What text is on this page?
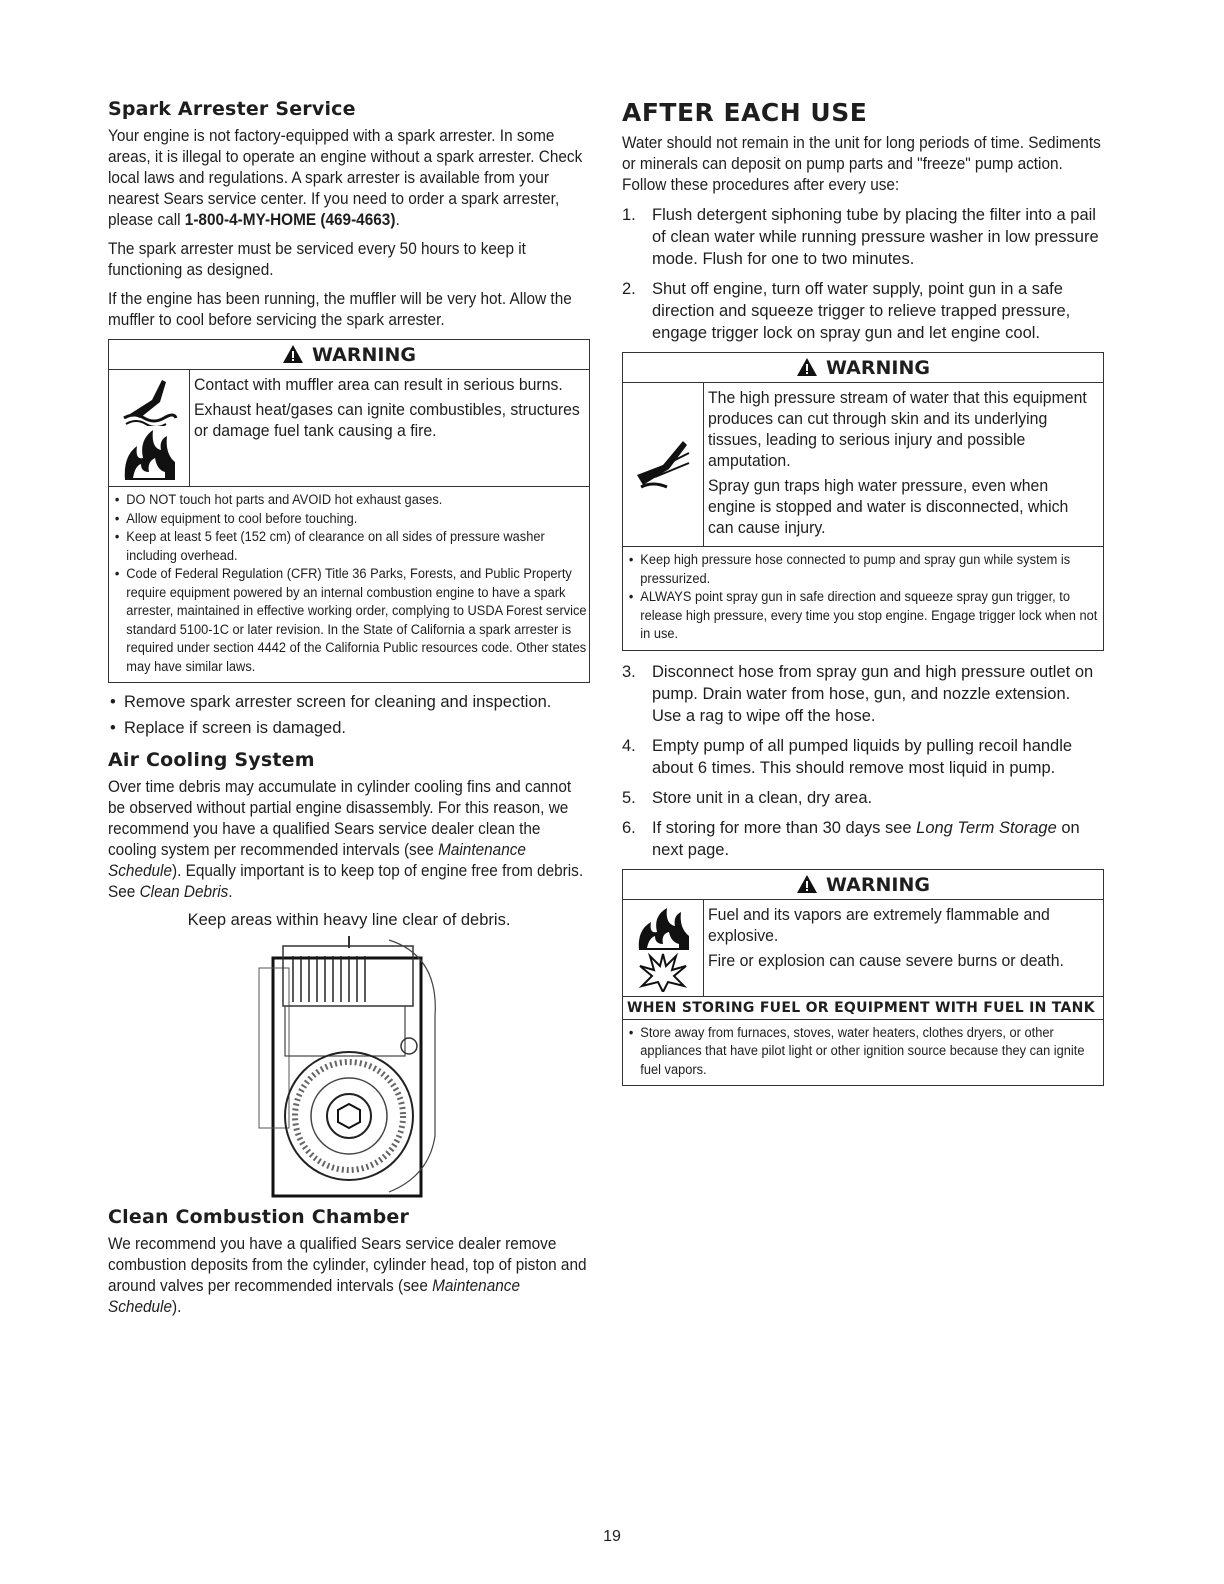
Spark Arrester Service

Your engine is not factory-equipped with a spark arrester. In some areas, it is illegal to operate an engine without a spark arrester. Check local laws and regulations. A spark arrester is available from your nearest Sears service center. If you need to order a spark arrester, please call 1-800-4-MY-HOME (469-4663).

The spark arrester must be serviced every 50 hours to keep it functioning as designed.

If the engine has been running, the muffler will be very hot. Allow the muffler to cool before servicing the spark arrester.

WARNING

Contact with muffler area can result in serious burns.

Exhaust heat/gases can ignite combustibles, structures or damage fuel tank causing a fire.

• DO NOT touch hot parts and AVOID hot exhaust gases.
• Allow equipment to cool before touching.
• Keep at least 5 feet (152 cm) of clearance on all sides of pressure washer including overhead.
• Code of Federal Regulation (CFR) Title 36 Parks, Forests, and Public Property require equipment powered by an internal combustion engine to have a spark arrester, maintained in effective working order, complying to USDA Forest service standard 5100-1C or later revision. In the State of California a spark arrester is required under section 4442 of the California Public resources code. Other states may have similar laws.
• Remove spark arrester screen for cleaning and inspection.
• Replace if screen is damaged.
Air Cooling System

Over time debris may accumulate in cylinder cooling fins and cannot be observed without partial engine disassembly. For this reason, we recommend you have a qualified Sears service dealer clean the cooling system per recommended intervals (see Maintenance Schedule). Equally important is to keep top of engine free from debris. See Clean Debris.

Keep areas within heavy line clear of debris.
Clean Combustion Chamber

We recommend you have a qualified Sears service dealer remove combustion deposits from the cylinder, cylinder head, top of piston and around valves per recommended intervals (see Maintenance Schedule).

AFTER EACH USE

Water should not remain in the unit for long periods of time. Sediments or minerals can deposit on pump parts and "freeze" pump action. Follow these procedures after every use:

1. Flush detergent siphoning tube by placing the filter into a pail of clean water while running pressure washer in low pressure mode. Flush for one to two minutes.
2. Shut off engine, turn off water supply, point gun in a safe direction and squeeze trigger to relieve trapped pressure, engage trigger lock on spray gun and let engine cool.
WARNING

The high pressure stream of water that this equipment produces can cut through skin and its underlying tissues, leading to serious injury and possible amputation.

Spray gun traps high water pressure, even when engine is stopped and water is disconnected, which can cause injury.

• Keep high pressure hose connected to pump and spray gun while system is pressurized.
• ALWAYS point spray gun in safe direction and squeeze spray gun trigger, to release high pressure, every time you stop engine. Engage trigger lock when not in use.
3. Disconnect hose from spray gun and high pressure outlet on pump. Drain water from hose, gun, and nozzle extension. Use a rag to wipe off the hose.
4. Empty pump of all pumped liquids by pulling recoil handle about 6 times. This should remove most liquid in pump.
5. Store unit in a clean, dry area.
6. If storing for more than 30 days see Long Term Storage on next page.
WARNING

Fuel and its vapors are extremely flammable and explosive.

Fire or explosion can cause severe burns or death.

WHEN STORING FUEL OR EQUIPMENT WITH FUEL IN TANK
• Store away from furnaces, stoves, water heaters, clothes dryers, or other appliances that have pilot light or other ignition source because they can ignite fuel vapors.
19
